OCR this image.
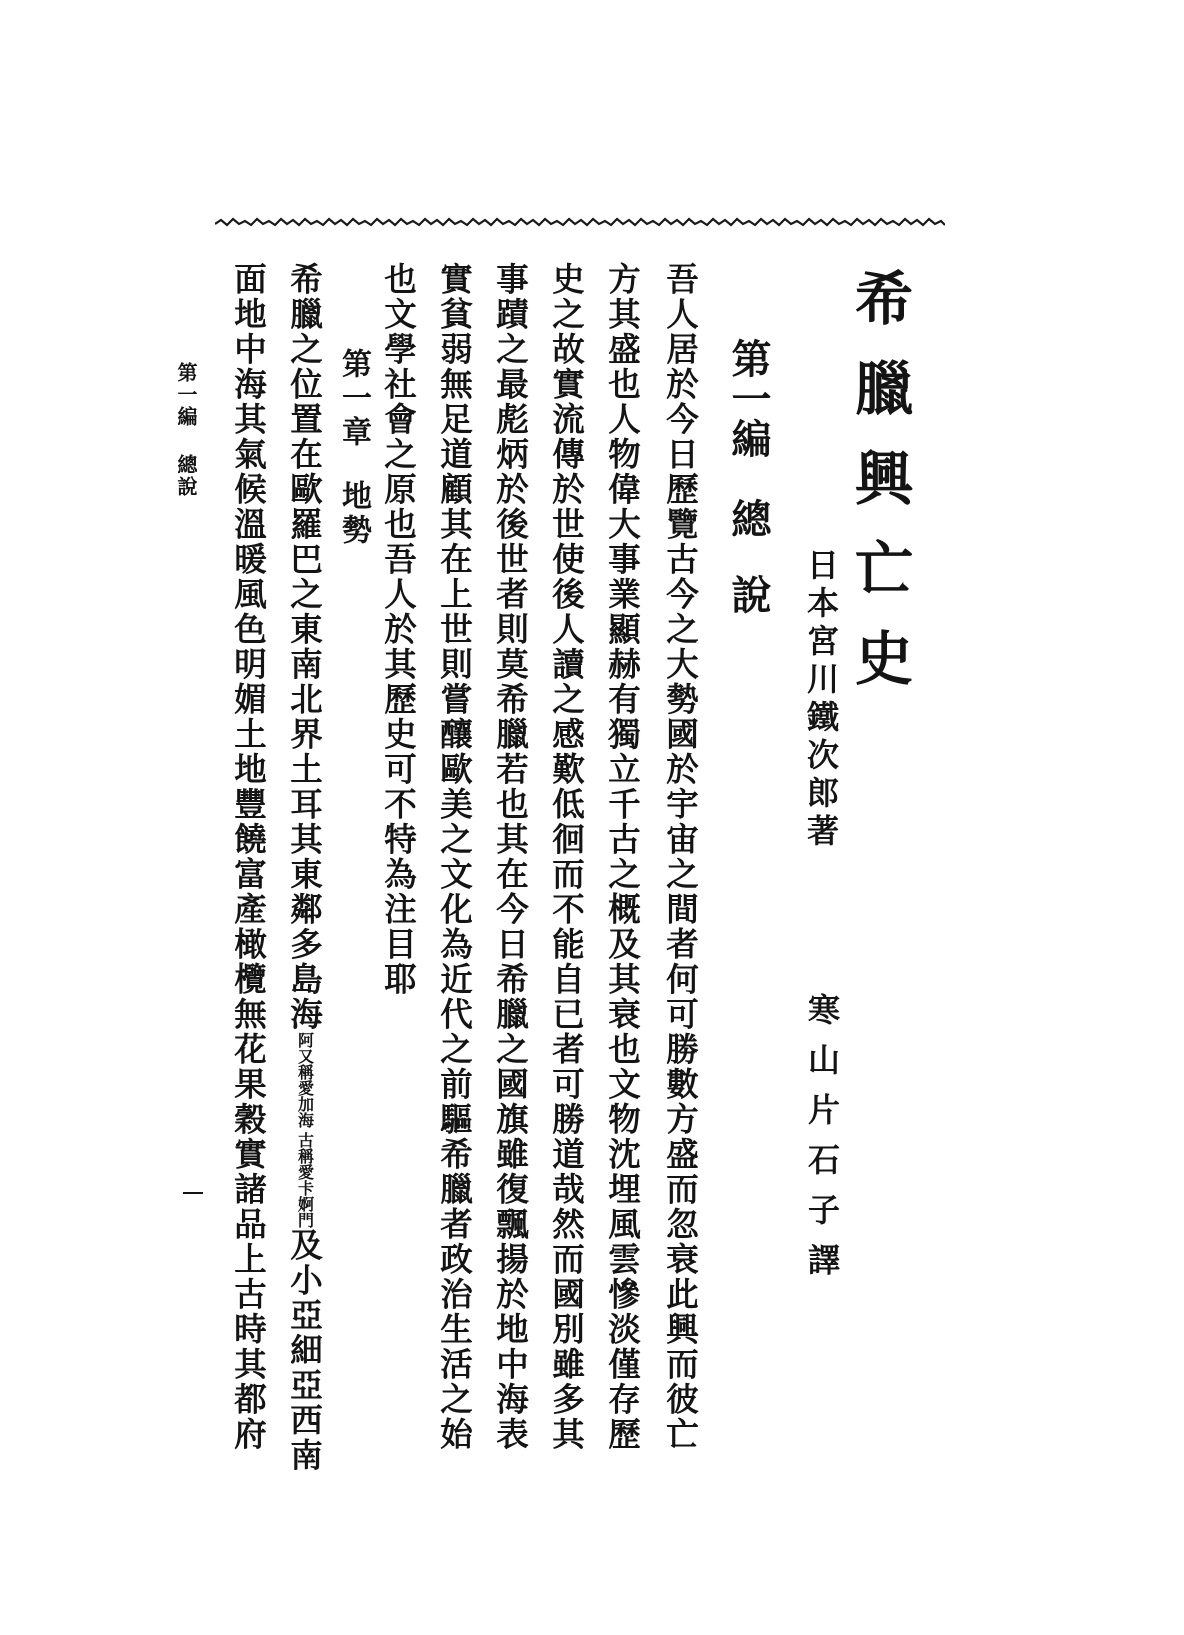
希臘興亡史
日本宮川鐵次郎著
寒山片石子譯
第一編總說
吾人居於今日歷覽古今之大勢國於宇宙之間者何可勝數方盛而忽衰此興而彼亡
方其盛也人物偉大事業顯赫有獨立千古之概及其衰也文物沈埋風雲慘淡僅存歷
史之故實流傳於世使後人讀之感歎低徊而不能自已者可勝道哉然而國別雖多其
事蹟之最彪炳於後世者則莫希臘若也其在今日希臘之國旗雖復飄揚於地中海表
實貧弱無足道顧其在上世則嘗釀歐美之文化為近代之前驅希臘者政治生活之始
也文學社會之原也吾人於其歷史可不特為注目耶
第一章地勢
希臘之位置在歐羅巴之東南北界土耳其東鄰多島海
古稱愛卡婀門
阿又稱愛加海
及小亞細亞西南
面地中海其氣候溫暖風色明媚土地豐饒富產橄欖無花果穀實諸品上古時其都府
第一編 總說
